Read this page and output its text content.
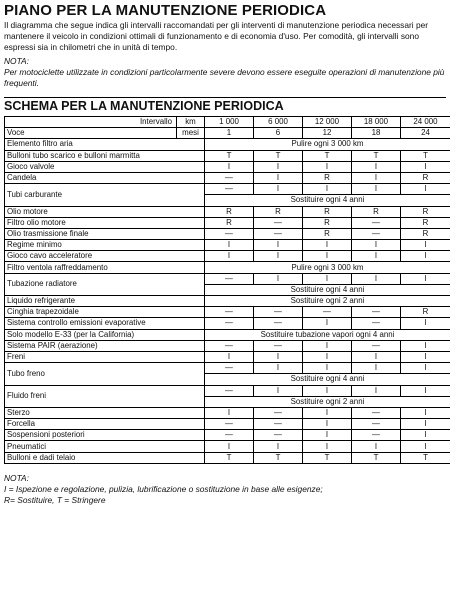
PIANO PER LA MANUTENZIONE PERIODICA

Il diagramma che segue indica gli intervalli raccomandati per gli interventi di manutenzione periodica necessari per mantenere il veicolo in condizioni ottimali di funzionamento e di economia d'uso. Per comodità, gli intervalli sono espressi sia in chilometri che in unità di tempo.

NOTA:

Per motociclette utilizzate in condizioni particolarmente severe devono essere eseguite operazioni di manutenzione più frequenti.

SCHEMA PER LA MANUTENZIONE PERIODICA
Intervallo	km	1 000	6 000	12 000	18 000	24 000
Voce	mesi	1	6	12	18	24
Elemento filtro aria		Pulire ogni 3 000 km				
Bulloni tubo scarico e bulloni marmitta		T	T	T	T	T
Gioco valvole		I	I	I	I	I
Candela		—	I	R	I	R
Tubi carburante		—	I	I	I	I
		Sostituire ogni 4 anni				
Olio motore		R	R	R	R	R
Filtro olio motore		R	—	R	—	R
Olio trasmissione finale		—	—	R	—	R
Regime minimo		I	I	I	I	I
Gioco cavo acceleratore		I	I	I	I	I
Filtro ventola raffreddamento		Pulire ogni 3 000 km				
Tubazione radiatore		—	I	I	I	I
		Sostituire ogni 4 anni				
Liquido refrigerante		Sostituire ogni 2 anni				
Cinghia trapezoidale		—	—	—	—	R
Sistema controllo emissioni evaporative		—	—	I	—	I
Solo modello E-33 (per la California)		Sostituire tubazione vapori ogni 4 anni				
Sistema PAIR (aerazione)		—	—	I	—	I
Freni		I	I	I	I	I
Tubo freno		—	I	I	I	I
		Sostituire ogni 4 anni				
Fluido freni		—	I	I	I	I
		Sostituire ogni 2 anni				
Sterzo		I	—	I	—	I
Forcella		—	—	I	—	I
Sospensioni posteriori		—	—	I	—	I
Pneumatici		I	I	I	I	I
Bulloni e dadi telaio		T	T	T	T	T

NOTA:

I = Ispezione e regolazione, pulizia, lubrificazione o sostituzione in base alle esigenze;

R= Sostituire, T = Stringere
